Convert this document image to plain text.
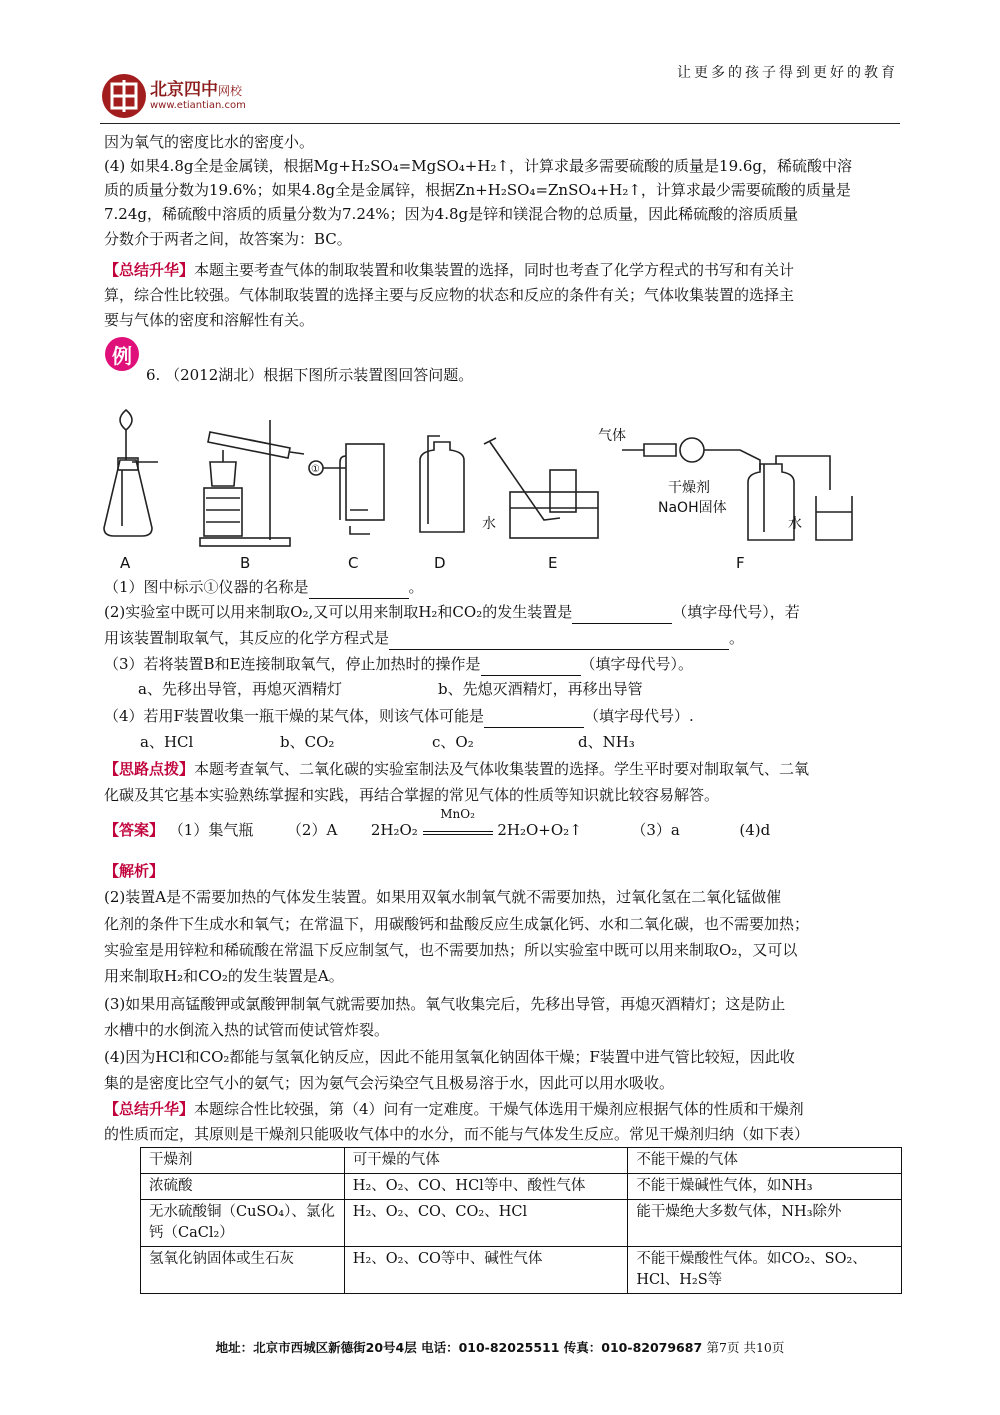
让更多的孩子得到更好的教育
北京四中网校
www.etiantian.com
因为氧气的密度比水的密度小。
(4) 如果4.8g全是金属镁，根据Mg+H₂SO₄=MgSO₄+H₂↑，计算求最多需要硫酸的质量是19.6g，稀硫酸中溶
质的质量分数为19.6%；如果4.8g全是金属锌，根据Zn+H₂SO₄=ZnSO₄+H₂↑，计算求最少需要硫酸的质量是
7.24g，稀硫酸中溶质的质量分数为7.24%；因为4.8g是锌和镁混合物的总质量，因此稀硫酸的溶质质量
分数介于两者之间，故答案为：BC。
【总结升华】本题主要考查气体的制取装置和收集装置的选择，同时也考查了化学方程式的书写和有关计
算，综合性比较强。气体制取装置的选择主要与反应物的状态和反应的条件有关；气体收集装置的选择主
要与气体的密度和溶解性有关。
例
6. （2012湖北）根据下图所示装置图回答问题。
①
气体
干燥剂
NaOH固体
水	水
A	B	C	D	E	F
（1）图中标示①仪器的名称是	。
(2)实验室中既可以用来制取O₂,又可以用来制取H₂和CO₂的发生装置是	（填字母代号），若
用该装置制取氧气，其反应的化学方程式是	。
（3）若将装置B和E连接制取氧气，停止加热时的操作是	（填字母代号）。
a、先移出导管，再熄灭酒精灯	b、先熄灭酒精灯，再移出导管
（4）若用F装置收集一瓶干燥的某气体，则该气体可能是	（填字母代号）.
a、HCl	b、CO₂	c、O₂	d、NH₃
【思路点拨】本题考查氧气、二氧化碳的实验室制法及气体收集装置的选择。学生平时要对制取氧气、二氧
化碳及其它基本实验熟练掌握和实践，再结合掌握的常见气体的性质等知识就比较容易解答。
【答案】 （1）集气瓶 （2）A 2H₂O₂
MnO₂
2H₂O+O₂↑	（3）a	(4)d
【解析】
(2)装置A是不需要加热的气体发生装置。如果用双氧水制氧气就不需要加热，过氧化氢在二氧化锰做催
化剂的条件下生成水和氧气；在常温下，用碳酸钙和盐酸反应生成氯化钙、水和二氧化碳，也不需要加热；
实验室是用锌粒和稀硫酸在常温下反应制氢气，也不需要加热；所以实验室中既可以用来制取O₂，又可以
用来制取H₂和CO₂的发生装置是A。
(3)如果用高锰酸钾或氯酸钾制氧气就需要加热。氧气收集完后，先移出导管，再熄灭酒精灯；这是防止
水槽中的水倒流入热的试管而使试管炸裂。
(4)因为HCl和CO₂都能与氢氧化钠反应，因此不能用氢氧化钠固体干燥；F装置中进气管比较短，因此收
集的是密度比空气小的氨气；因为氨气会污染空气且极易溶于水，因此可以用水吸收。
【总结升华】本题综合性比较强，第（4）问有一定难度。干燥气体选用干燥剂应根据气体的性质和干燥剂
的性质而定，其原则是干燥剂只能吸收气体中的水分，而不能与气体发生反应。常见干燥剂归纳（如下表）
干燥剂	可干燥的气体	不能干燥的气体
浓硫酸	H₂、O₂、CO、HCl等中、酸性气体	不能干燥碱性气体，如NH₃
无水硫酸铜（CuSO₄）、氯化钙（CaCl₂）	H₂、O₂、CO、CO₂、HCl	能干燥绝大多数气体，NH₃除外
氢氧化钠固体或生石灰	H₂、O₂、CO等中、碱性气体	不能干燥酸性气体。如CO₂、SO₂、HCl、H₂S等
地址：北京市西城区新德街20号4层 电话：010-82025511 传真：010-82079687 第7页 共10页
